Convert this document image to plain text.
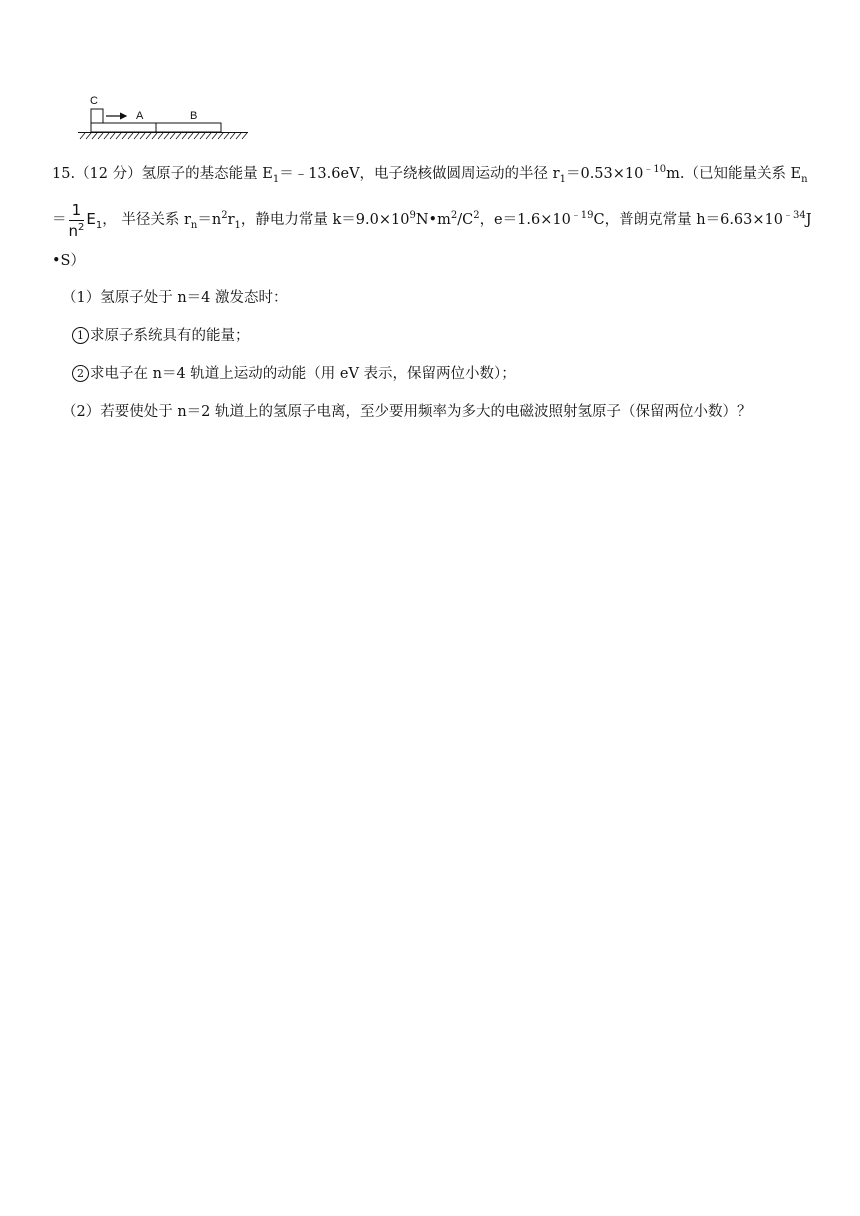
C
A	B
15.（12 分）氢原子的基态能量 $E_1=﹣13.6eV$，电子绕核做圆周运动的半径 $r_1=0.53\times 10^{﹣10}m$.（已知能量关系 $E_n$
＝ $\frac{1}{n^2} E_1$， 半径关系 $r_n=n^2r_1$，静电力常量 $k=9.0\times 10^9N•m^2/C^2$，$e=1.6\times 10^{﹣19}C$，普朗克常量 $h=6.63\times 10^{﹣34}J$
•S）
（1）氢原子处于 n＝4 激发态时：
1 求原子系统具有的能量；
2 求电子在 n＝4 轨道上运动的动能（用 eV 表示，保留两位小数）；
（2）若要使处于 n＝2 轨道上的氢原子电离，至少要用频率为多大的电磁波照射氢原子（保留两位小数）？
